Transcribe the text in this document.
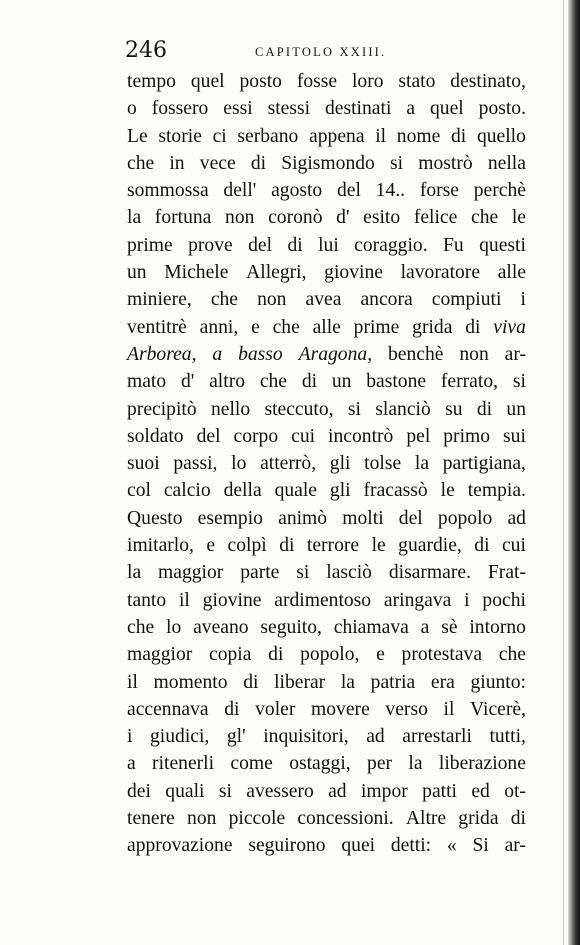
246	CAPITOLO XXIII.
tempo quel posto fosse loro stato destinato,
o fossero essi stessi destinati a quel posto.
Le storie ci serbano appena il nome di quello
che in vece di Sigismondo si mostrò nella
sommossa dell' agosto del 14.. forse perchè
la fortuna non coronò d' esito felice che le
prime prove del di lui coraggio. Fu questi
un Michele Allegri, giovine lavoratore alle
miniere, che non avea ancora compiuti i
ventitrè anni, e che alle prime grida di viva
Arborea, a basso Aragona, benchè non ar-
mato d' altro che di un bastone ferrato, si
precipitò nello steccuto, si slanciò su di un
soldato del corpo cui incontrò pel primo sui
suoi passi, lo atterrò, gli tolse la partigiana,
col calcio della quale gli fracassò le tempia.
Questo esempio animò molti del popolo ad
imitarlo, e colpì di terrore le guardie, di cui
la maggior parte si lasciò disarmare. Frat-
tanto il giovine ardimentoso aringava i pochi
che lo aveano seguito, chiamava a sè intorno
maggior copia di popolo, e protestava che
il momento di liberar la patria era giunto:
accennava di voler movere verso il Vicerè,
i giudici, gl' inquisitori, ad arrestarli tutti,
a ritenerli come ostaggi, per la liberazione
dei quali si avessero ad impor patti ed ot-
tenere non piccole concessioni. Altre grida di
approvazione seguirono quei detti: « Si ar-
